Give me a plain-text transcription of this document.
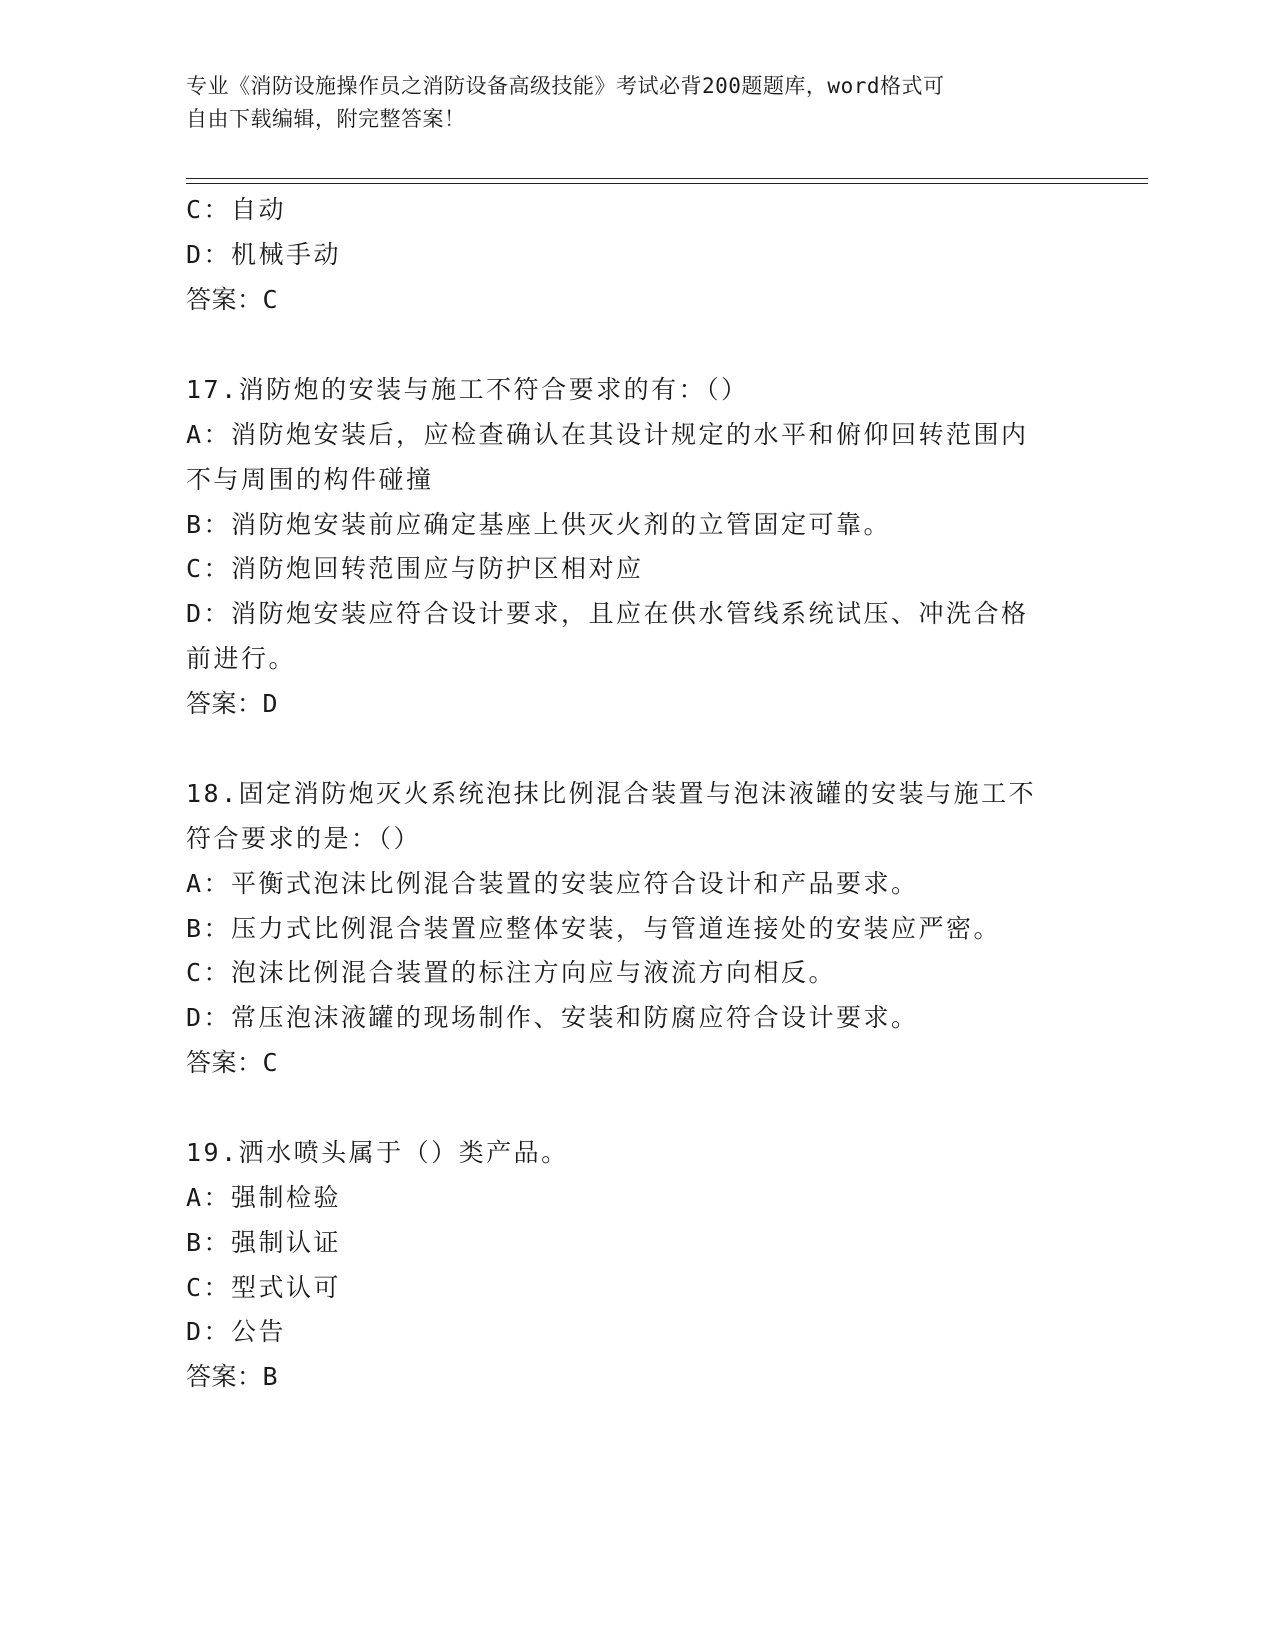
专业《消防设施操作员之消防设备高级技能》考试必背200题题库，word格式可
自由下载编辑，附完整答案！
C：自动
D：机械手动
答案：C
17.消防炮的安装与施工不符合要求的有：（）
A：消防炮安装后，应检查确认在其设计规定的水平和俯仰回转范围内
不与周围的构件碰撞
B：消防炮安装前应确定基座上供灭火剂的立管固定可靠。
C：消防炮回转范围应与防护区相对应
D：消防炮安装应符合设计要求，且应在供水管线系统试压、冲洗合格
前进行。
答案：D
18.固定消防炮灭火系统泡抹比例混合装置与泡沫液罐的安装与施工不
符合要求的是：（）
A：平衡式泡沫比例混合装置的安装应符合设计和产品要求。
B：压力式比例混合装置应整体安装，与管道连接处的安装应严密。
C：泡沫比例混合装置的标注方向应与液流方向相反。
D：常压泡沫液罐的现场制作、安装和防腐应符合设计要求。
答案：C
19.洒水喷头属于（）类产品。
A：强制检验
B：强制认证
C：型式认可
D：公告
答案：B
